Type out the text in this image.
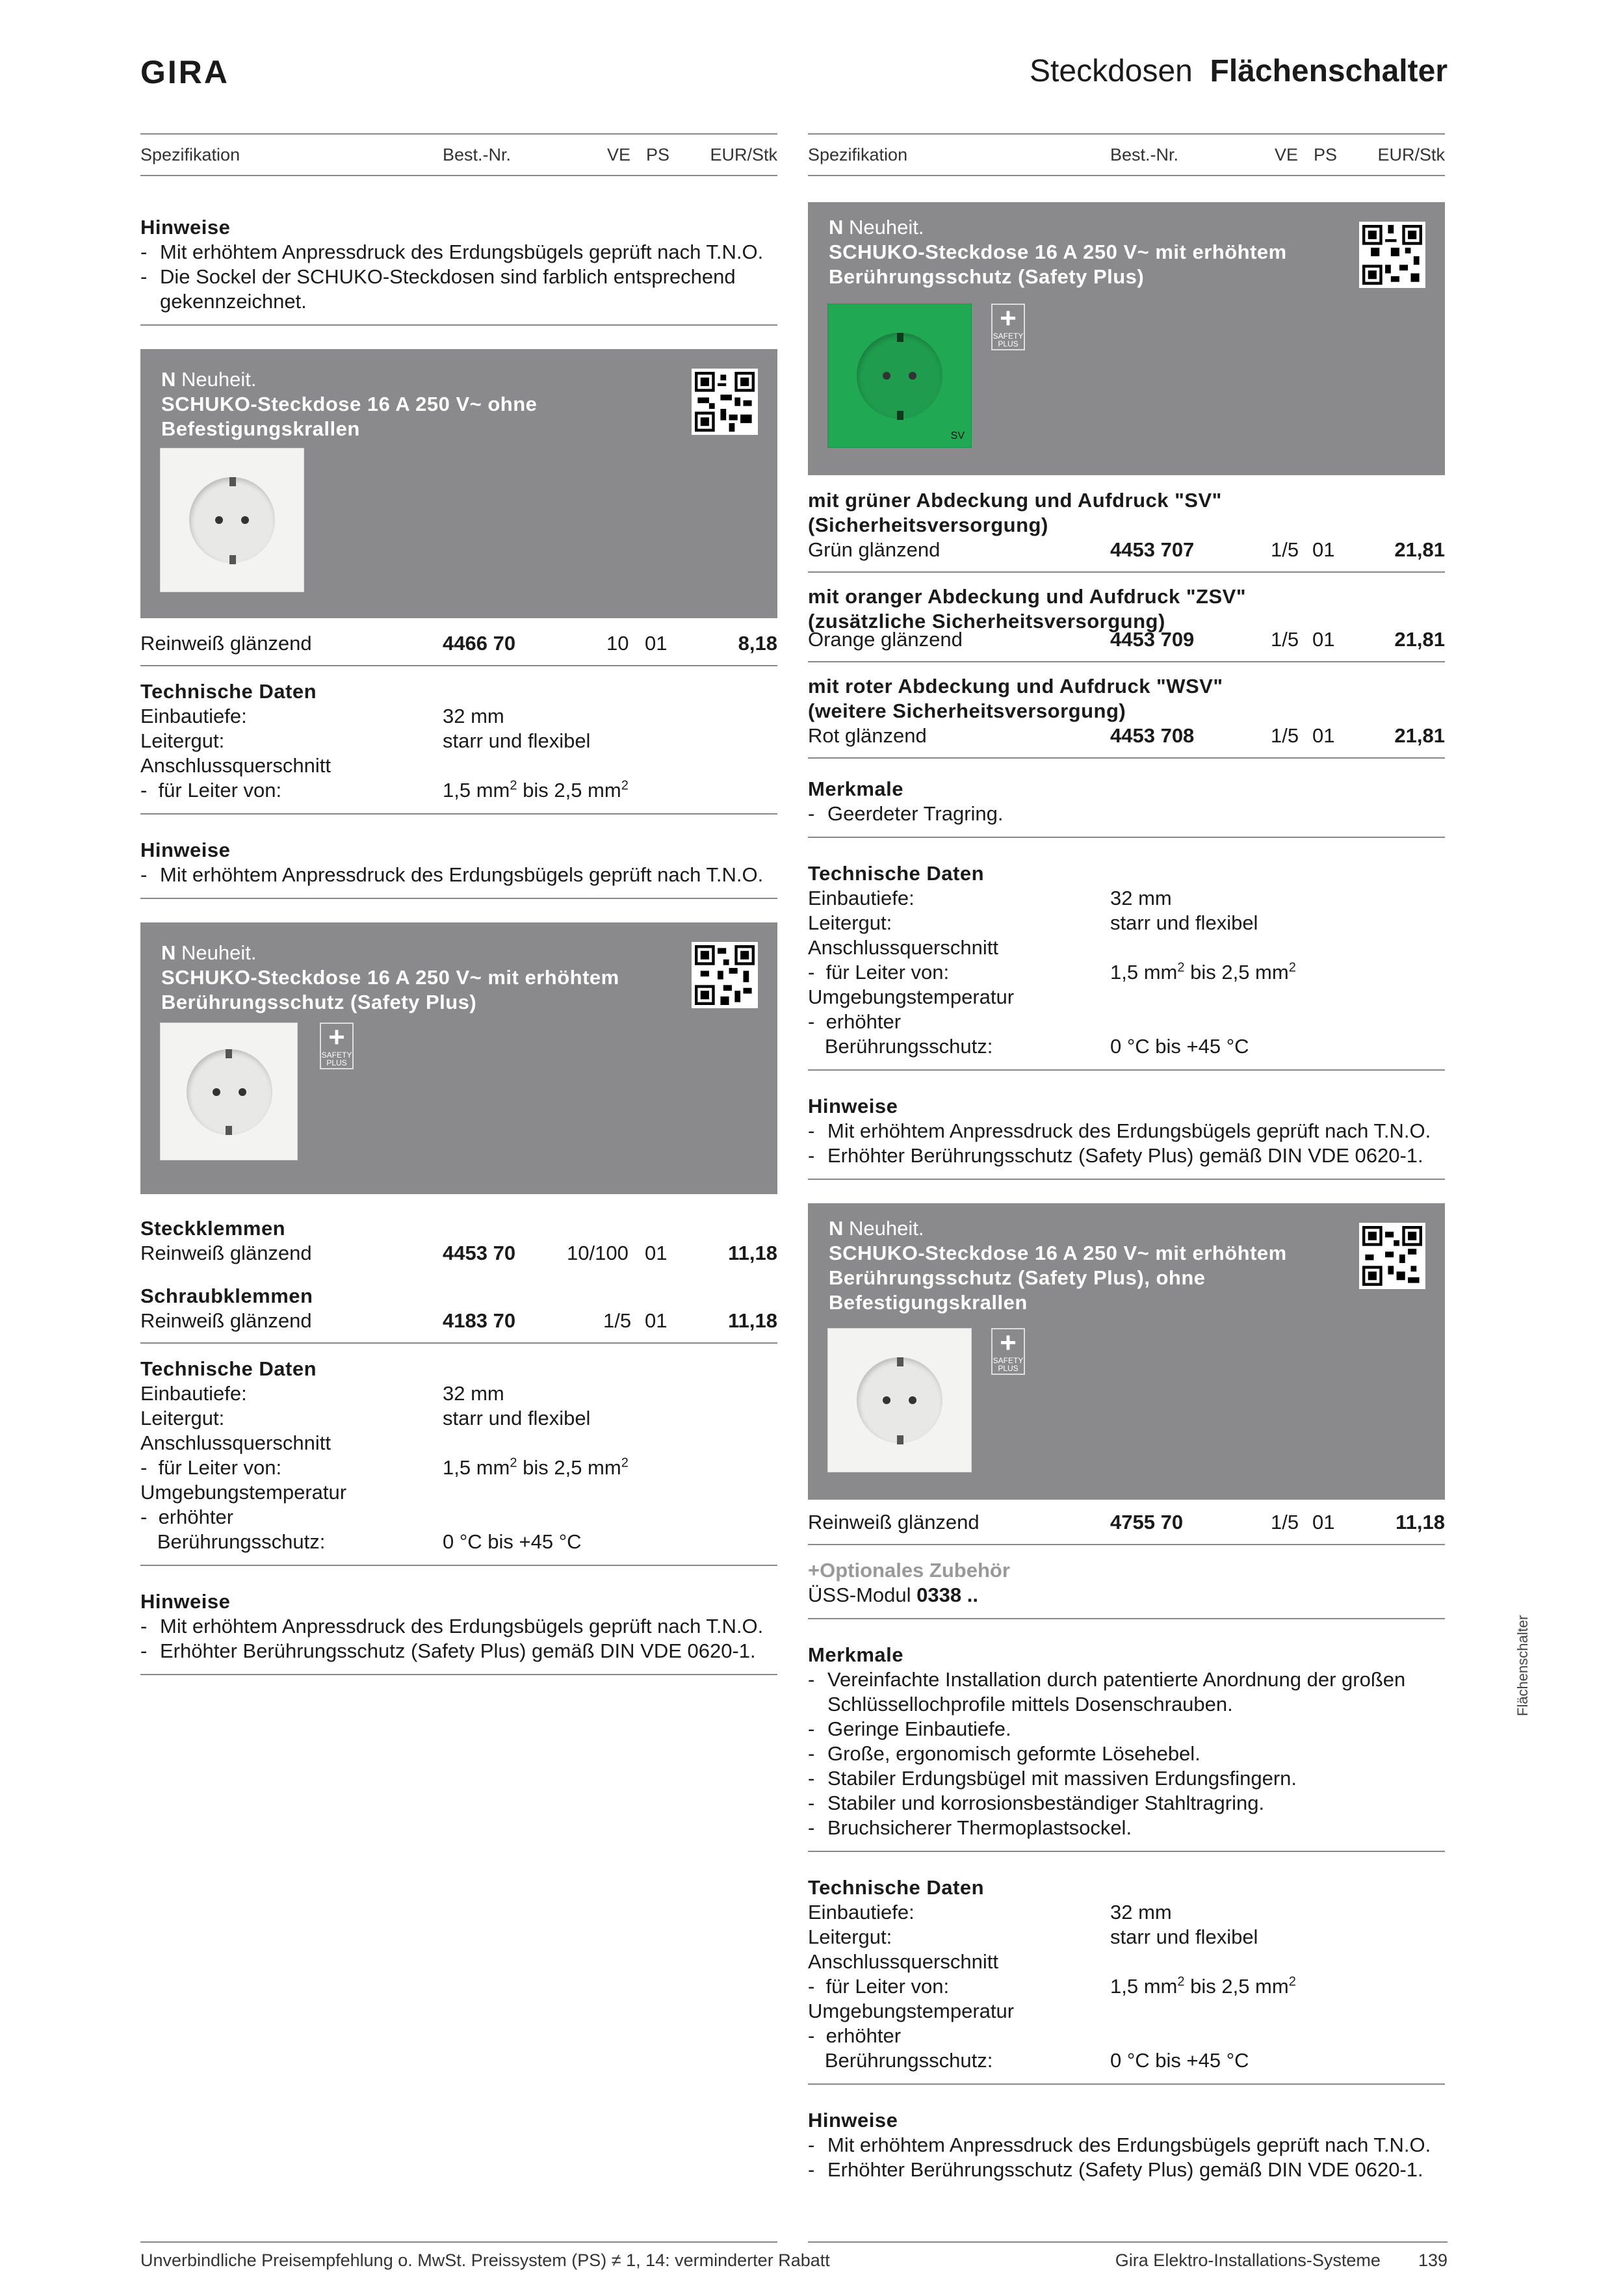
GIRA	Steckdosen Flächenschalter
Spezifikation	Best.-Nr.	VE PS EUR/Stk
Hinweise
- Mit erhöhtem Anpressdruck des Erdungsbügels geprüft nach T.N.O.
- Die Sockel der SCHUKO-Steckdosen sind farblich entsprechend gekennzeichnet.
N Neuheit.
SCHUKO-Steckdose 16 A 250 V~ ohne Befestigungskrallen
Reinweiß glänzend	4466 70	10 01	8,18
Technische Daten
Einbautiefe:	32 mm
Leitergut:	starr und flexibel
Anschlussquerschnitt
-  für Leiter von:	1,5 $mm^2$ bis 2,5 $mm^2$
Hinweise
- Mit erhöhtem Anpressdruck des Erdungsbügels geprüft nach T.N.O.
N Neuheit.
SCHUKO-Steckdose 16 A 250 V~ mit erhöhtem Berührungsschutz (Safety Plus)
+
SAFETY
PLUS
Steckklemmen
Reinweiß glänzend	4453 70	10/100 01	11,18
Schraubklemmen
Reinweiß glänzend	4183 70	1/5 01	11,18
Technische Daten
Einbautiefe:	32 mm
Leitergut:	starr und flexibel
Anschlussquerschnitt
-  für Leiter von:	1,5 $mm^2$ bis 2,5 $mm^2$
Umgebungstemperatur
-  erhöhter
Berührungsschutz:	0 °C bis +45 °C
Hinweise
- Mit erhöhtem Anpressdruck des Erdungsbügels geprüft nach T.N.O.
- Erhöhter Berührungsschutz (Safety Plus) gemäß DIN VDE 0620-1.
Spezifikation	Best.-Nr.	VE PS EUR/Stk
N Neuheit.
SCHUKO-Steckdose 16 A 250 V~ mit erhöhtem Berührungsschutz (Safety Plus)
SV
+
SAFETY
PLUS
mit grüner Abdeckung und Aufdruck "SV"
(Sicherheitsversorgung)
Grün glänzend	4453 707	1/5 01	21,81
mit oranger Abdeckung und Aufdruck "ZSV"
(zusätzliche Sicherheitsversorgung)
Orange glänzend	4453 709	1/5 01	21,81
mit roter Abdeckung und Aufdruck "WSV"
(weitere Sicherheitsversorgung)
Rot glänzend	4453 708	1/5 01	21,81
Merkmale
- Geerdeter Tragring.
Technische Daten
Einbautiefe:	32 mm
Leitergut:	starr und flexibel
Anschlussquerschnitt
-  für Leiter von:	1,5 $mm^2$ bis 2,5 $mm^2$
Umgebungstemperatur
-  erhöhter
Berührungsschutz:	0 °C bis +45 °C
Hinweise
- Mit erhöhtem Anpressdruck des Erdungsbügels geprüft nach T.N.O.
- Erhöhter Berührungsschutz (Safety Plus) gemäß DIN VDE 0620-1.
N Neuheit.
SCHUKO-Steckdose 16 A 250 V~ mit erhöhtem Berührungsschutz (Safety Plus), ohne Befestigungskrallen
+
SAFETY
PLUS
Reinweiß glänzend	4755 70	1/5 01	11,18
+Optionales Zubehör
ÜSS-Modul 0338 ..
Merkmale
- Vereinfachte Installation durch patentierte Anordnung der großen Schlüssellochprofile mittels Dosenschrauben.
- Geringe Einbautiefe.
- Große, ergonomisch geformte Lösehebel.
- Stabiler Erdungsbügel mit massiven Erdungsfingern.
- Stabiler und korrosionsbeständiger Stahltragring.
- Bruchsicherer Thermoplastsockel.
Technische Daten
Einbautiefe:	32 mm
Leitergut:	starr und flexibel
Anschlussquerschnitt
-  für Leiter von:	1,5 $mm^2$ bis 2,5 $mm^2$
Umgebungstemperatur
-  erhöhter
Berührungsschutz:	0 °C bis +45 °C
Hinweise
- Mit erhöhtem Anpressdruck des Erdungsbügels geprüft nach T.N.O.
- Erhöhter Berührungsschutz (Safety Plus) gemäß DIN VDE 0620-1.
Flächenschalter
Unverbindliche Preisempfehlung o. MwSt. Preissystem (PS) ≠ 1, 14: verminderter Rabatt	Gira Elektro-Installations-Systeme 139
